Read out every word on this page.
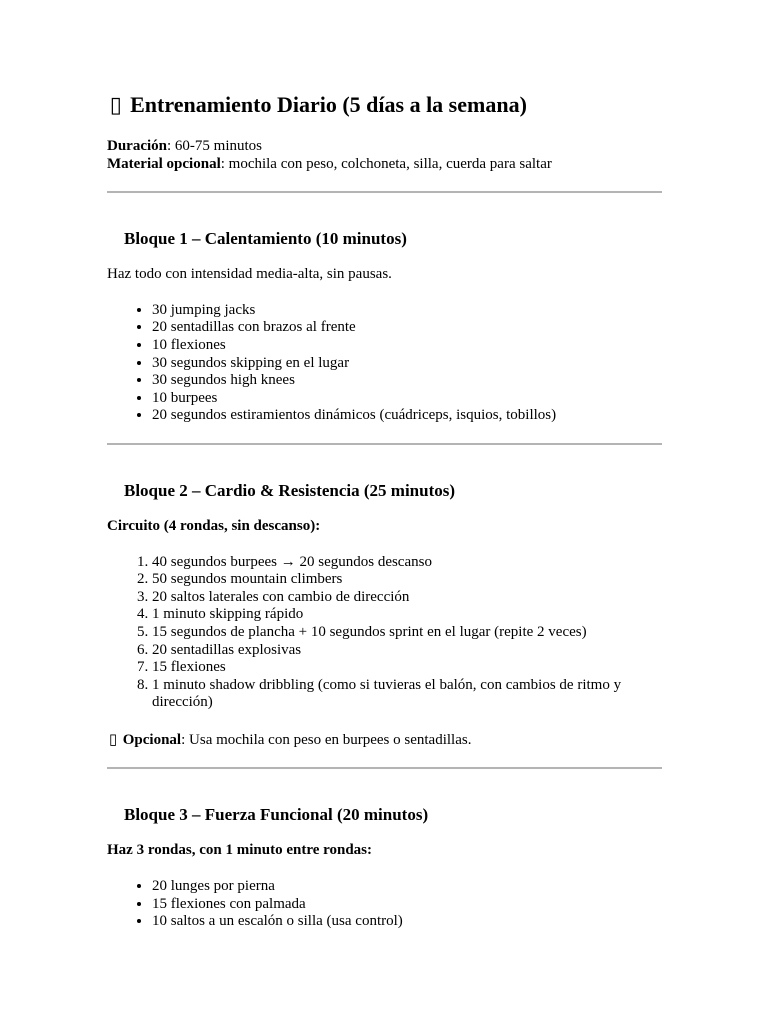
▯ Entrenamiento Diario (5 días a la semana)

Duración: 60-75 minutos

Material opcional: mochila con peso, colchoneta, silla, cuerda para saltar

Bloque 1 – Calentamiento (10 minutos)

Haz todo con intensidad media-alta, sin pausas.

• 30 jumping jacks
• 20 sentadillas con brazos al frente
• 10 flexiones
• 30 segundos skipping en el lugar
• 30 segundos high knees
• 10 burpees
• 20 segundos estiramientos dinámicos (cuádriceps, isquios, tobillos)
Bloque 2 – Cardio & Resistencia (25 minutos)

Circuito (4 rondas, sin descanso):

1. 40 segundos burpees → 20 segundos descanso
2. 50 segundos mountain climbers
3. 20 saltos laterales con cambio de dirección
4. 1 minuto skipping rápido
5. 15 segundos de plancha + 10 segundos sprint en el lugar (repite 2 veces)
6. 20 sentadillas explosivas
7. 15 flexiones
8. 1 minuto shadow dribbling (como si tuvieras el balón, con cambios de ritmo y dirección)

▯ Opcional: Usa mochila con peso en burpees o sentadillas.

Bloque 3 – Fuerza Funcional (20 minutos)

Haz 3 rondas, con 1 minuto entre rondas:

• 20 lunges por pierna
• 15 flexiones con palmada
• 10 saltos a un escalón o silla (usa control)
